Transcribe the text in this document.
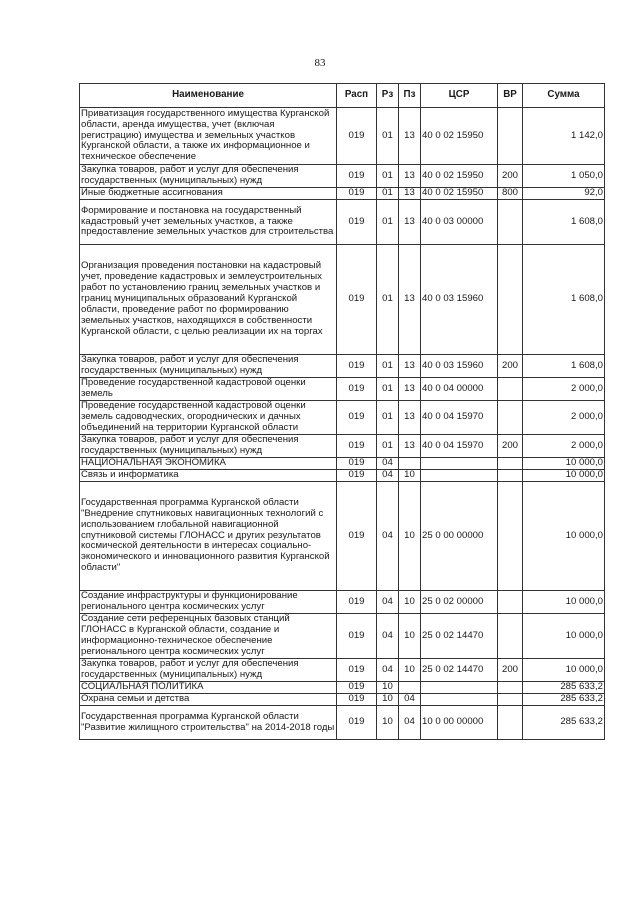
83
Наименование	Расп	Рз	Пз	ЦСР	ВР	Сумма
Приватизация государственного имущества Курганской области, аренда имущества, учет (включая регистрацию) имущества и земельных участков Курганской области, а также их информационное и техническое обеспечение	019	01	13	40 0 02 15950		1 142,0
Закупка товаров, работ и услуг для обеспечения государственных (муниципальных) нужд	019	01	13	40 0 02 15950	200	1 050,0
Иные бюджетные ассигнования	019	01	13	40 0 02 15950	800	92,0
Формирование и постановка на государственный кадастровый учет земельных участков, а также предоставление земельных участков для строительства	019	01	13	40 0 03 00000		1 608,0
Организация проведения постановки на кадастровый учет, проведение кадастровых и землеустроительных работ по установлению границ земельных участков и границ муниципальных образований Курганской области, проведение работ по формированию земельных участков, находящихся в собственности Курганской области, с целью реализации их на торгах	019	01	13	40 0 03 15960		1 608,0
Закупка товаров, работ и услуг для обеспечения государственных (муниципальных) нужд	019	01	13	40 0 03 15960	200	1 608,0
Проведение государственной кадастровой оценки земель	019	01	13	40 0 04 00000		2 000,0
Проведение государственной кадастровой оценки земель садоводческих, огороднических и дачных объединений на территории Курганской области	019	01	13	40 0 04 15970		2 000,0
Закупка товаров, работ и услуг для обеспечения государственных (муниципальных) нужд	019	01	13	40 0 04 15970	200	2 000,0
НАЦИОНАЛЬНАЯ ЭКОНОМИКА	019	04				10 000,0
Связь и информатика	019	04	10			10 000,0
Государственная программа Курганской области "Внедрение спутниковых навигационных технологий с использованием глобальной навигационной спутниковой системы ГЛОНАСС и других результатов космической деятельности в интересах социально-экономического и инновационного развития Курганской области"	019	04	10	25 0 00 00000		10 000,0
Создание инфраструктуры и функционирование регионального центра космических услуг	019	04	10	25 0 02 00000		10 000,0
Создание сети референцных базовых станций ГЛОНАСС в Курганской области, создание и информационно-техническое обеспечение регионального центра космических услуг	019	04	10	25 0 02 14470		10 000,0
Закупка товаров, работ и услуг для обеспечения государственных (муниципальных) нужд	019	04	10	25 0 02 14470	200	10 000,0
СОЦИАЛЬНАЯ ПОЛИТИКА	019	10				285 633,2
Охрана семьи и детства	019	10	04			285 633,2
Государственная программа Курганской области "Развитие жилищного строительства" на 2014-2018 годы	019	10	04	10 0 00 00000		285 633,2
